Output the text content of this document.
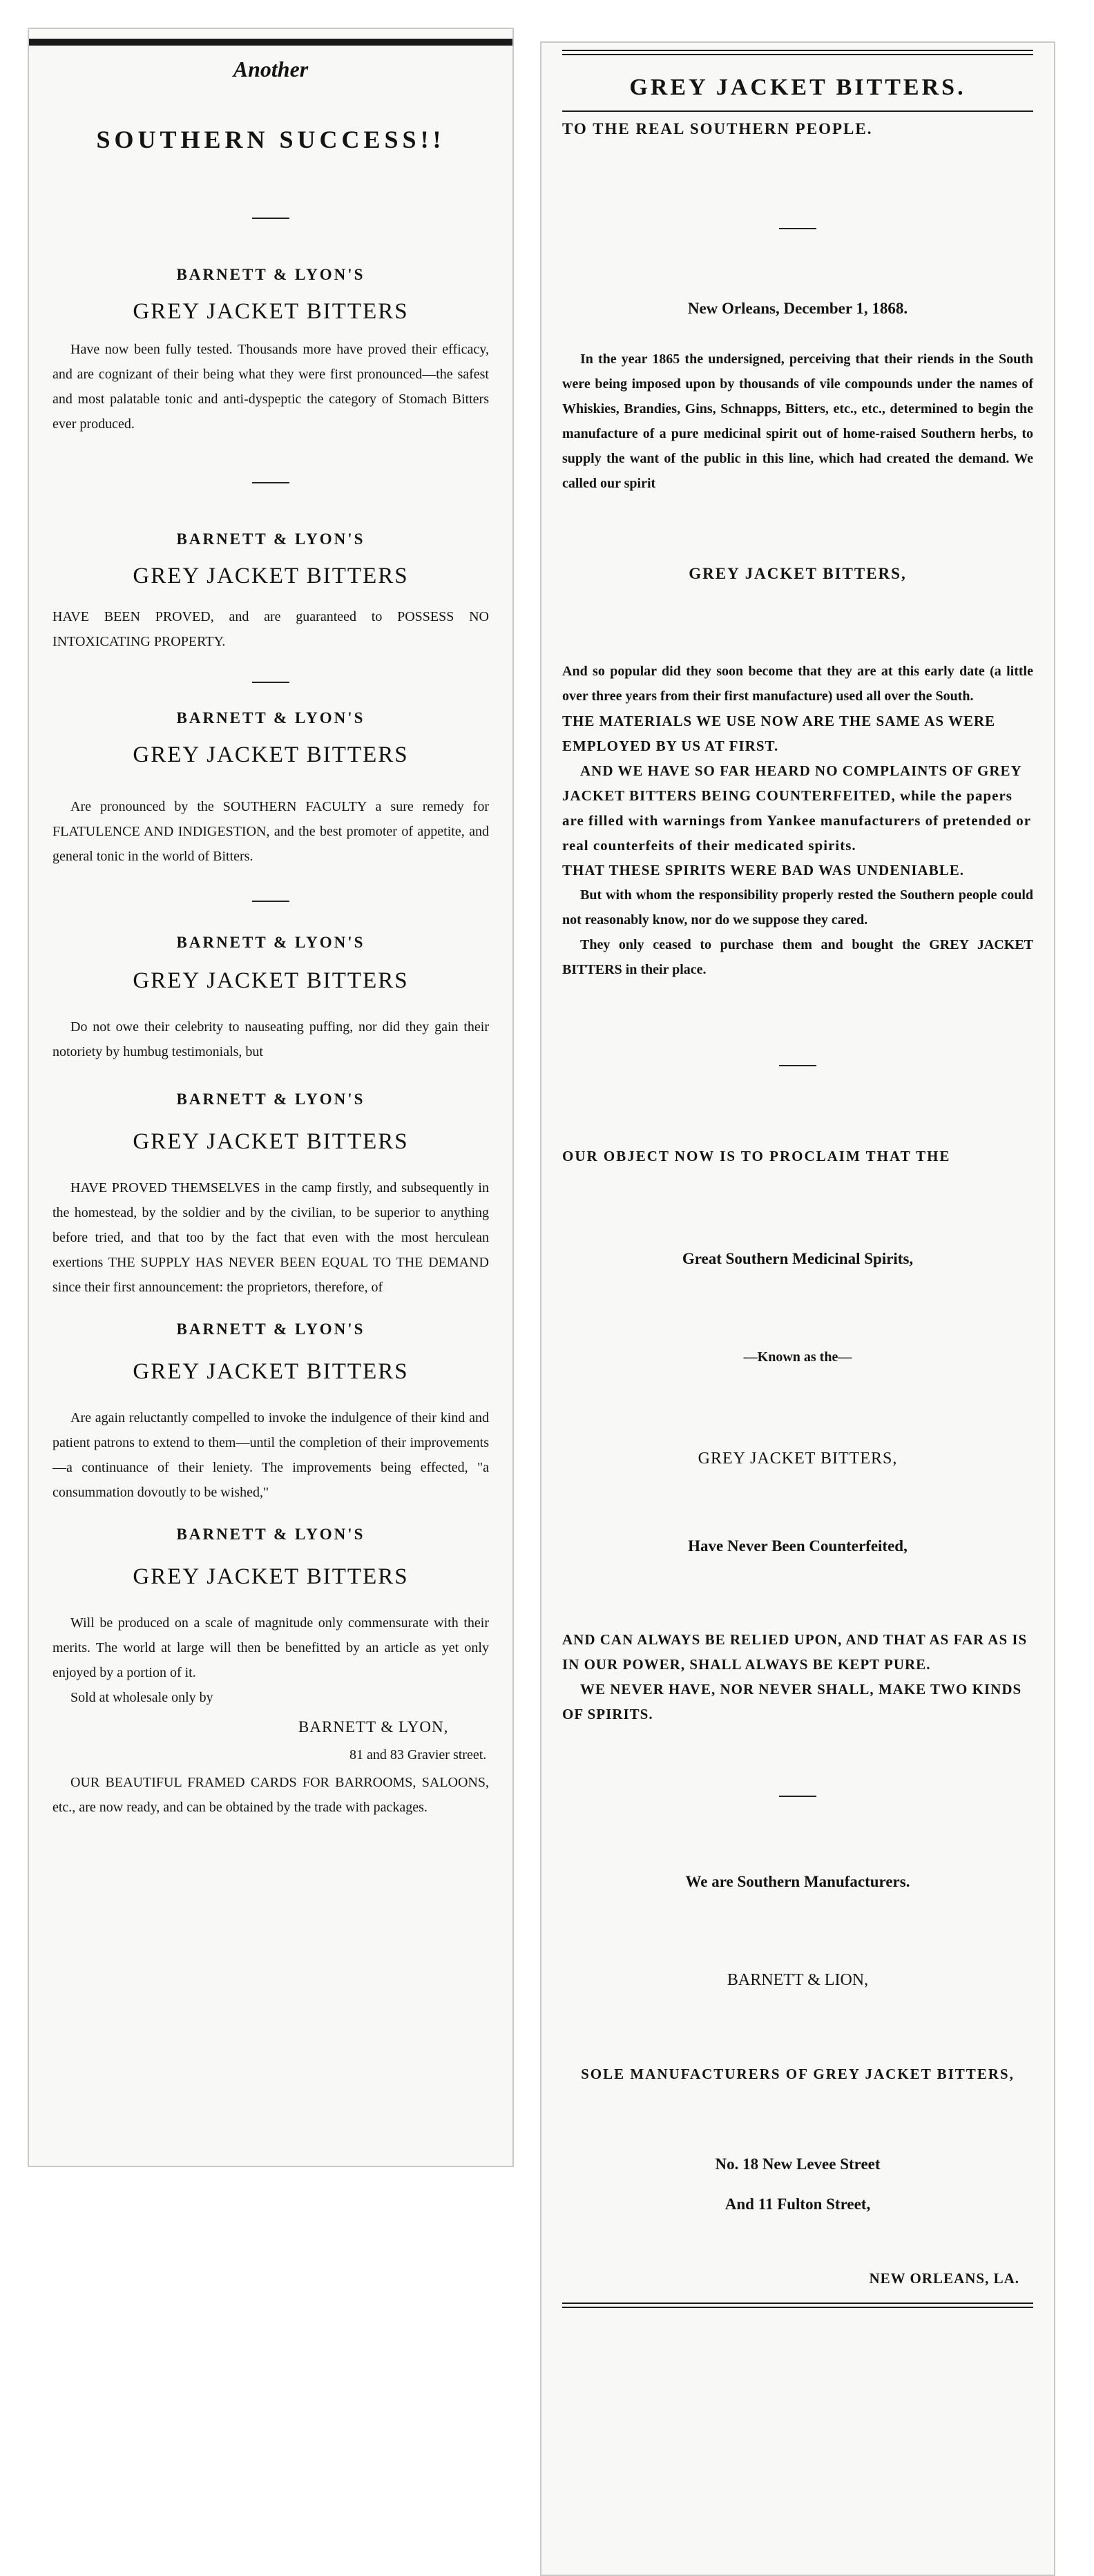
Another
SOUTHERN SUCCESS!!
BARNETT & LYON'S
GREY JACKET BITTERS

Have now been fully tested. Thousands more have proved their efficacy, and are cognizant of their being what they were first pronounced—the safest and most palatable tonic and anti-dyspeptic the category of Stomach Bitters ever produced.

BARNETT & LYON'S
GREY JACKET BITTERS

HAVE BEEN PROVED, and are guaranteed to POSSESS NO INTOXICATING PROPERTY.

BARNETT & LYON'S
GREY JACKET BITTERS

Are pronounced by the SOUTHERN FACULTY a sure remedy for FLATULENCE AND INDIGESTION, and the best promoter of appetite, and general tonic in the world of Bitters.

BARNETT & LYON'S
GREY JACKET BITTERS

Do not owe their celebrity to nauseating puffing, nor did they gain their notoriety by humbug testimonials, but

BARNETT & LYON'S
GREY JACKET BITTERS

HAVE PROVED THEMSELVES in the camp firstly, and subsequently in the homestead, by the soldier and by the civilian, to be superior to anything before tried, and that too by the fact that even with the most herculean exertions THE SUPPLY HAS NEVER BEEN EQUAL TO THE DEMAND since their first announcement: the proprietors, therefore, of

BARNETT & LYON'S
GREY JACKET BITTERS

Are again reluctantly compelled to invoke the indulgence of their kind and patient patrons to extend to them—until the completion of their improvements—a continuance of their leniety. The improvements being effected, "a consummation dovoutly to be wished,"

BARNETT & LYON'S
GREY JACKET BITTERS

Will be produced on a scale of magnitude only commensurate with their merits. The world at large will then be benefitted by an article as yet only enjoyed by a portion of it.

Sold at wholesale only by

BARNETT & LYON,
81 and 83 Gravier street.

OUR BEAUTIFUL FRAMED CARDS FOR BARROOMS, SALOONS, etc., are now ready, and can be obtained by the trade with packages.

GREY JACKET BITTERS.
TO THE REAL SOUTHERN PEOPLE.
New Orleans, December 1, 1868.

In the year 1865 the undersigned, perceiving that their riends in the South were being imposed upon by thousands of vile compounds under the names of Whiskies, Brandies, Gins, Schnapps, Bitters, etc., etc., determined to begin the manufacture of a pure medicinal spirit out of home-raised Southern herbs, to supply the want of the public in this line, which had created the demand. We called our spirit

GREY JACKET BITTERS,

And so popular did they soon become that they are at this early date (a little over three years from their first manufacture) used all over the South.

THE MATERIALS WE USE NOW ARE THE SAME AS WERE EMPLOYED BY US AT FIRST.

AND WE HAVE SO FAR HEARD NO COMPLAINTS OF GREY JACKET BITTERS BEING COUNTERFEITED, while the papers are filled with warnings from Yankee manufacturers of pretended or real counterfeits of their medicated spirits.

THAT THESE SPIRITS WERE BAD WAS UNDENIABLE.

But with whom the responsibility properly rested the Southern people could not reasonably know, nor do we suppose they cared.

They only ceased to purchase them and bought the GREY JACKET BITTERS in their place.

OUR OBJECT NOW IS TO PROCLAIM THAT THE
Great Southern Medicinal Spirits,
—Known as the—
GREY JACKET BITTERS,
Have Never Been Counterfeited,

AND CAN ALWAYS BE RELIED UPON, AND THAT AS FAR AS IS IN OUR POWER, SHALL ALWAYS BE KEPT PURE.

WE NEVER HAVE, NOR NEVER SHALL, MAKE TWO KINDS OF SPIRITS.

We are Southern Manufacturers.
BARNETT & LION,

SOLE MANUFACTURERS OF GREY JACKET BITTERS,

No. 18 New Levee Street
And 11 Fulton Street,
NEW ORLEANS, LA.
